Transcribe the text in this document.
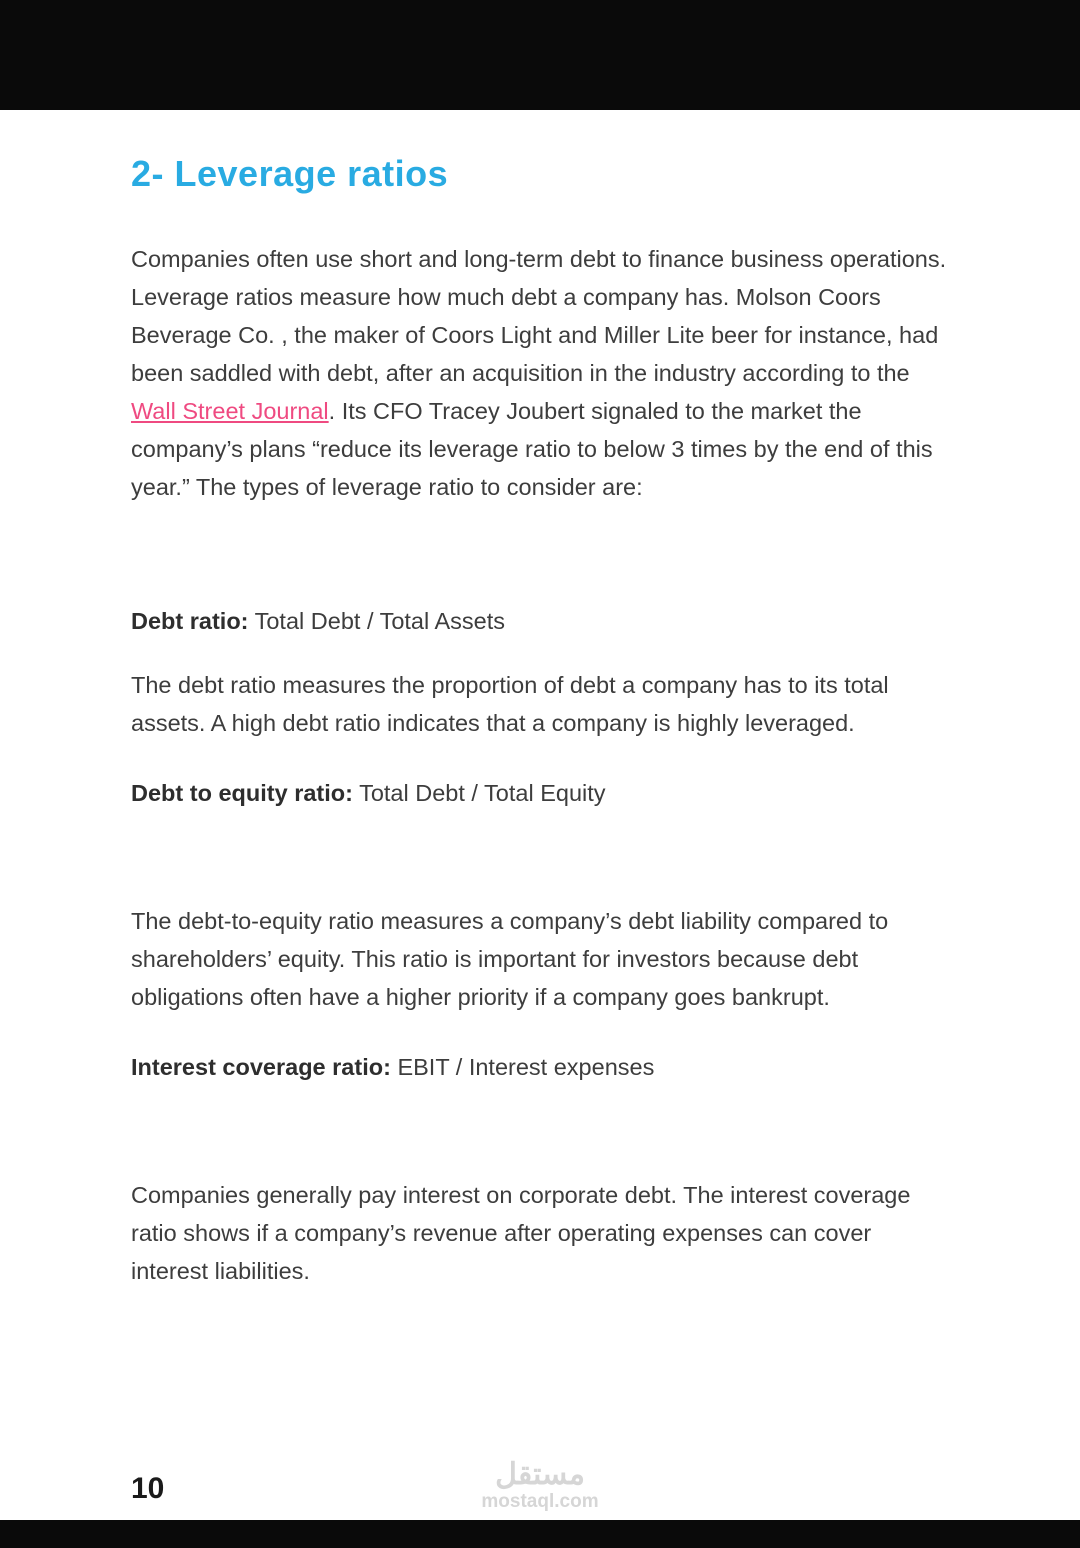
2- Leverage ratios

Companies often use short and long-term debt to finance business operations. Leverage ratios measure how much debt a company has. Molson Coors Beverage Co. , the maker of Coors Light and Miller Lite beer for instance, had been saddled with debt, after an acquisition in the industry according to the Wall Street Journal. Its CFO Tracey Joubert signaled to the market the company’s plans “reduce its leverage ratio to below 3 times by the end of this year.” The types of leverage ratio to consider are:

Debt ratio: Total Debt / Total Assets

The debt ratio measures the proportion of debt a company has to its total assets. A high debt ratio indicates that a company is highly leveraged.

Debt to equity ratio: Total Debt / Total Equity

The debt-to-equity ratio measures a company’s debt liability compared to shareholders’ equity. This ratio is important for investors because debt obligations often have a higher priority if a company goes bankrupt.

Interest coverage ratio: EBIT / Interest expenses

Companies generally pay interest on corporate debt. The interest coverage ratio shows if a company’s revenue after operating expenses can cover interest liabilities.

10	مستقل
mostaql.com
